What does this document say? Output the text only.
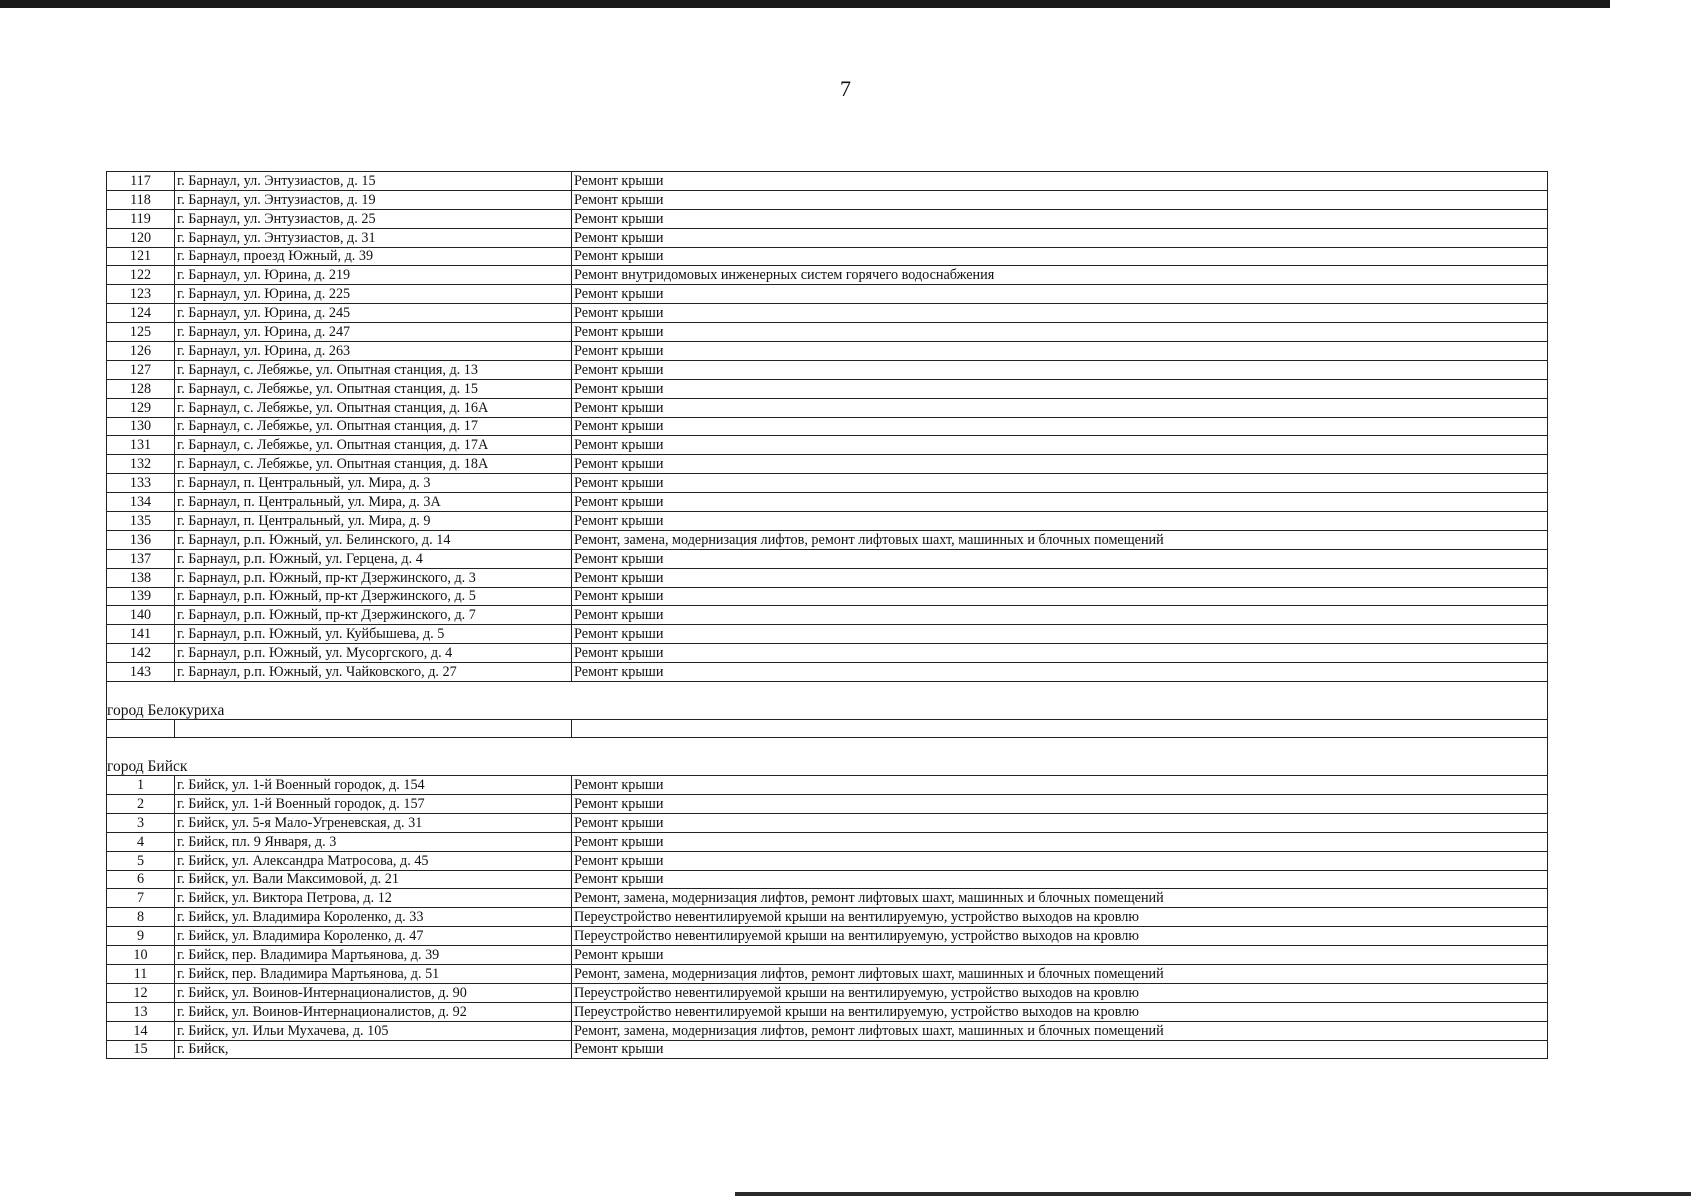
7
117	г. Барнаул, ул. Энтузиастов, д. 15	Ремонт крыши
118	г. Барнаул, ул. Энтузиастов, д. 19	Ремонт крыши
119	г. Барнаул, ул. Энтузиастов, д. 25	Ремонт крыши
120	г. Барнаул, ул. Энтузиастов, д. 31	Ремонт крыши
121	г. Барнаул, проезд Южный, д. 39	Ремонт крыши
122	г. Барнаул, ул. Юрина, д. 219	Ремонт внутридомовых инженерных систем горячего водоснабжения
123	г. Барнаул, ул. Юрина, д. 225	Ремонт крыши
124	г. Барнаул, ул. Юрина, д. 245	Ремонт крыши
125	г. Барнаул, ул. Юрина, д. 247	Ремонт крыши
126	г. Барнаул, ул. Юрина, д. 263	Ремонт крыши
127	г. Барнаул, с. Лебяжье, ул. Опытная станция, д. 13	Ремонт крыши
128	г. Барнаул, с. Лебяжье, ул. Опытная станция, д. 15	Ремонт крыши
129	г. Барнаул, с. Лебяжье, ул. Опытная станция, д. 16А	Ремонт крыши
130	г. Барнаул, с. Лебяжье, ул. Опытная станция, д. 17	Ремонт крыши
131	г. Барнаул, с. Лебяжье, ул. Опытная станция, д. 17А	Ремонт крыши
132	г. Барнаул, с. Лебяжье, ул. Опытная станция, д. 18А	Ремонт крыши
133	г. Барнаул, п. Центральный, ул. Мира, д. 3	Ремонт крыши
134	г. Барнаул, п. Центральный, ул. Мира, д. 3А	Ремонт крыши
135	г. Барнаул, п. Центральный, ул. Мира, д. 9	Ремонт крыши
136	г. Барнаул, р.п. Южный, ул. Белинского, д. 14	Ремонт, замена, модернизация лифтов, ремонт лифтовых шахт, машинных и блочных помещений
137	г. Барнаул, р.п. Южный, ул. Герцена, д. 4	Ремонт крыши
138	г. Барнаул, р.п. Южный, пр-кт Дзержинского, д. 3	Ремонт крыши
139	г. Барнаул, р.п. Южный, пр-кт Дзержинского, д. 5	Ремонт крыши
140	г. Барнаул, р.п. Южный, пр-кт Дзержинского, д. 7	Ремонт крыши
141	г. Барнаул, р.п. Южный, ул. Куйбышева, д. 5	Ремонт крыши
142	г. Барнаул, р.п. Южный, ул. Мусоргского, д. 4	Ремонт крыши
143	г. Барнаул, р.п. Южный, ул. Чайковского, д. 27	Ремонт крыши
город Белокуриха		

город Бийск		
1	г. Бийск, ул. 1-й Военный городок, д. 154	Ремонт крыши
2	г. Бийск, ул. 1-й Военный городок, д. 157	Ремонт крыши
3	г. Бийск, ул. 5-я Мало-Угреневская, д. 31	Ремонт крыши
4	г. Бийск, пл. 9 Января, д. 3	Ремонт крыши
5	г. Бийск, ул. Александра Матросова, д. 45	Ремонт крыши
6	г. Бийск, ул. Вали Максимовой, д. 21	Ремонт крыши
7	г. Бийск, ул. Виктора Петрова, д. 12	Ремонт, замена, модернизация лифтов, ремонт лифтовых шахт, машинных и блочных помещений
8	г. Бийск, ул. Владимира Короленко, д. 33	Переустройство невентилируемой крыши на вентилируемую, устройство выходов на кровлю
9	г. Бийск, ул. Владимира Короленко, д. 47	Переустройство невентилируемой крыши на вентилируемую, устройство выходов на кровлю
10	г. Бийск, пер. Владимира Мартьянова, д. 39	Ремонт крыши
11	г. Бийск, пер. Владимира Мартьянова, д. 51	Ремонт, замена, модернизация лифтов, ремонт лифтовых шахт, машинных и блочных помещений
12	г. Бийск, ул. Воинов-Интернационалистов, д. 90	Переустройство невентилируемой крыши на вентилируемую, устройство выходов на кровлю
13	г. Бийск, ул. Воинов-Интернационалистов, д. 92	Переустройство невентилируемой крыши на вентилируемую, устройство выходов на кровлю
14	г. Бийск, ул. Ильи Мухачева, д. 105	Ремонт, замена, модернизация лифтов, ремонт лифтовых шахт, машинных и блочных помещений
15	г. Бийск,	Ремонт крыши
